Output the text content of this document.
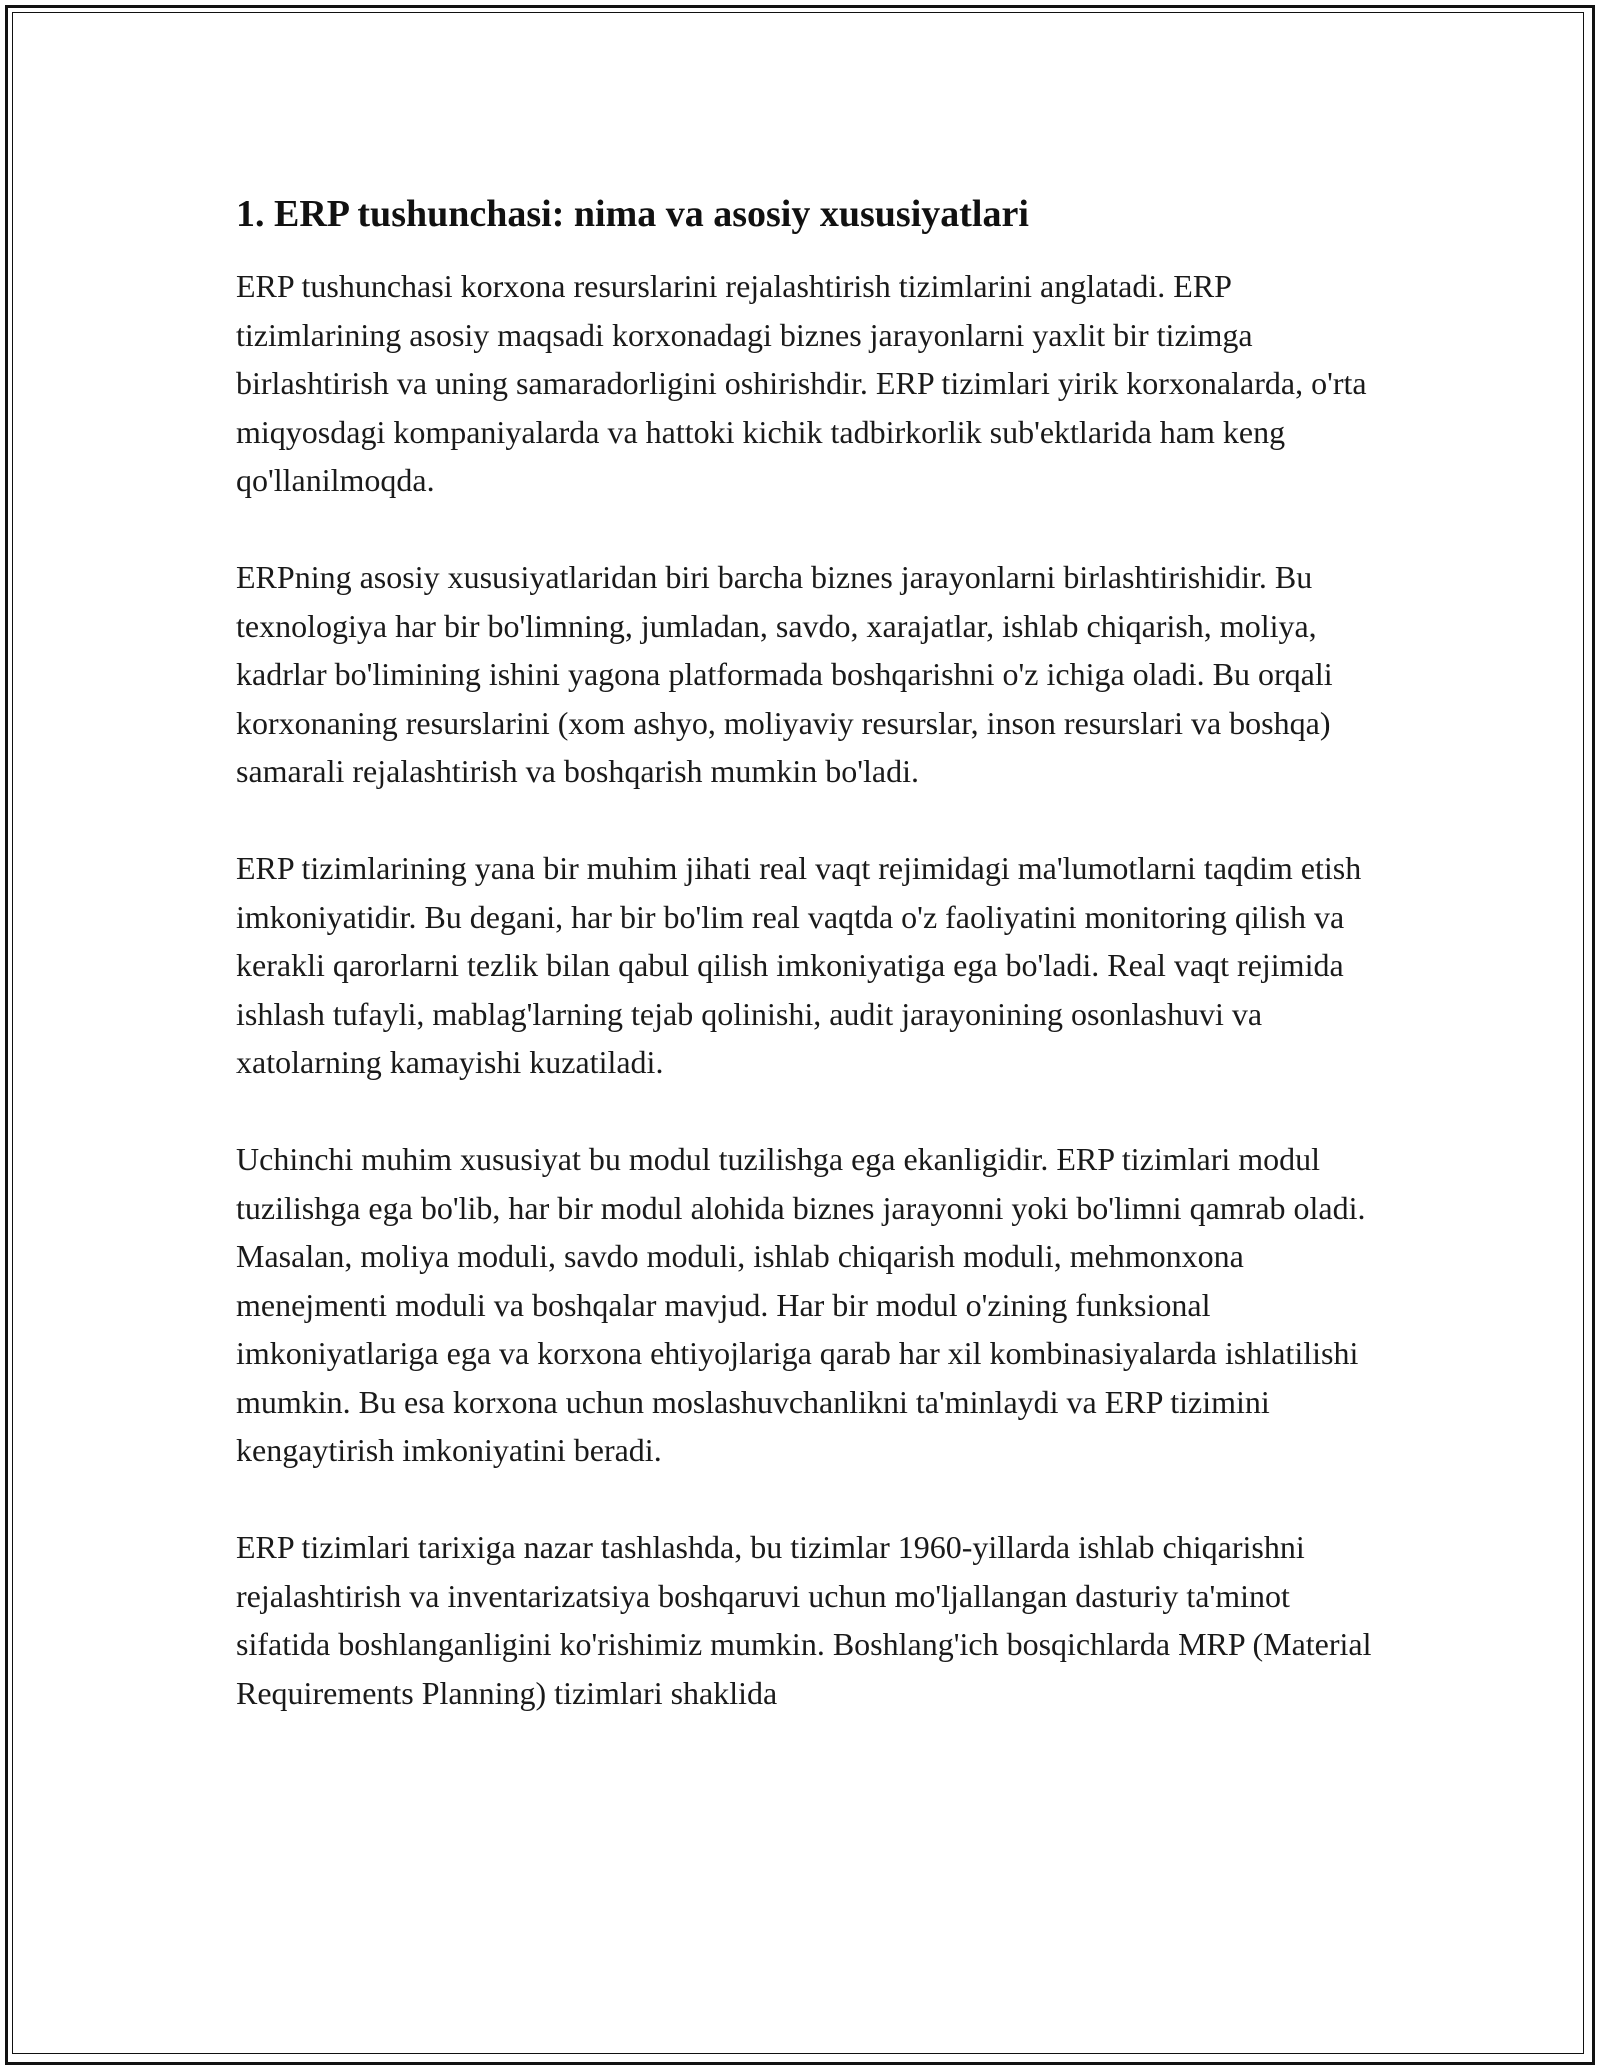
1. ERP tushunchasi: nima va asosiy xususiyatlari

ERP tushunchasi korxona resurslarini rejalashtirish tizimlarini anglatadi. ERP tizimlarining asosiy maqsadi korxonadagi biznes jarayonlarni yaxlit bir tizimga birlashtirish va uning samaradorligini oshirishdir. ERP tizimlari yirik korxonalarda, o'rta miqyosdagi kompaniyalarda va hattoki kichik tadbirkorlik sub'ektlarida ham keng qo'llanilmoqda.

ERPning asosiy xususiyatlaridan biri barcha biznes jarayonlarni birlashtirishidir. Bu texnologiya har bir bo'limning, jumladan, savdo, xarajatlar, ishlab chiqarish, moliya, kadrlar bo'limining ishini yagona platformada boshqarishni o'z ichiga oladi. Bu orqali korxonaning resurslarini (xom ashyo, moliyaviy resurslar, inson resurslari va boshqa) samarali rejalashtirish va boshqarish mumkin bo'ladi.

ERP tizimlarining yana bir muhim jihati real vaqt rejimidagi ma'lumotlarni taqdim etish imkoniyatidir. Bu degani, har bir bo'lim real vaqtda o'z faoliyatini monitoring qilish va kerakli qarorlarni tezlik bilan qabul qilish imkoniyatiga ega bo'ladi. Real vaqt rejimida ishlash tufayli, mablag'larning tejab qolinishi, audit jarayonining osonlashuvi va xatolarning kamayishi kuzatiladi.

Uchinchi muhim xususiyat bu modul tuzilishga ega ekanligidir. ERP tizimlari modul tuzilishga ega bo'lib, har bir modul alohida biznes jarayonni yoki bo'limni qamrab oladi. Masalan, moliya moduli, savdo moduli, ishlab chiqarish moduli, mehmonxona menejmenti moduli va boshqalar mavjud. Har bir modul o'zining funksional imkoniyatlariga ega va korxona ehtiyojlariga qarab har xil kombinasiyalarda ishlatilishi mumkin. Bu esa korxona uchun moslashuvchanlikni ta'minlaydi va ERP tizimini kengaytirish imkoniyatini beradi.

ERP tizimlari tarixiga nazar tashlashda, bu tizimlar 1960-yillarda ishlab chiqarishni rejalashtirish va inventarizatsiya boshqaruvi uchun mo'ljallangan dasturiy ta'minot sifatida boshlanganligini ko'rishimiz mumkin. Boshlang'ich bosqichlarda MRP (Material Requirements Planning) tizimlari shaklida
